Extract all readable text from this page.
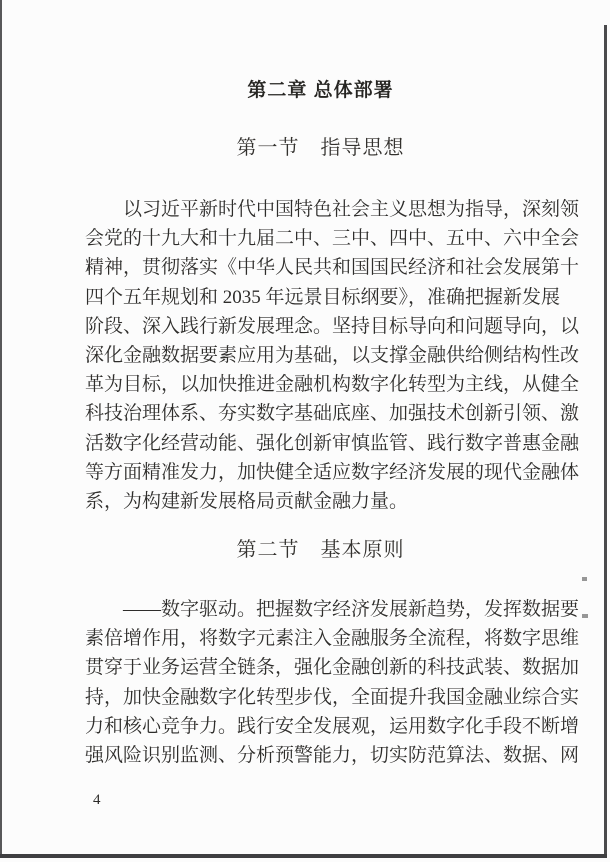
第二章 总体部署
第一节　指导思想
　　以习近平新时代中国特色社会主义思想为指导，深刻领
会党的十九大和十九届二中、三中、四中、五中、六中全会
精神，贯彻落实《中华人民共和国国民经济和社会发展第十
四个五年规划和 2035 年远景目标纲要》，准确把握新发展
阶段、深入践行新发展理念。坚持目标导向和问题导向，以
深化金融数据要素应用为基础，以支撑金融供给侧结构性改
革为目标，以加快推进金融机构数字化转型为主线，从健全
科技治理体系、夯实数字基础底座、加强技术创新引领、激
活数字化经营动能、强化创新审慎监管、践行数字普惠金融
等方面精准发力，加快健全适应数字经济发展的现代金融体
系，为构建新发展格局贡献金融力量。
第二节　基本原则
　　——数字驱动。把握数字经济发展新趋势，发挥数据要
素倍增作用，将数字元素注入金融服务全流程，将数字思维
贯穿于业务运营全链条，强化金融创新的科技武装、数据加
持，加快金融数字化转型步伐，全面提升我国金融业综合实
力和核心竞争力。践行安全发展观，运用数字化手段不断增
强风险识别监测、分析预警能力，切实防范算法、数据、网
4
